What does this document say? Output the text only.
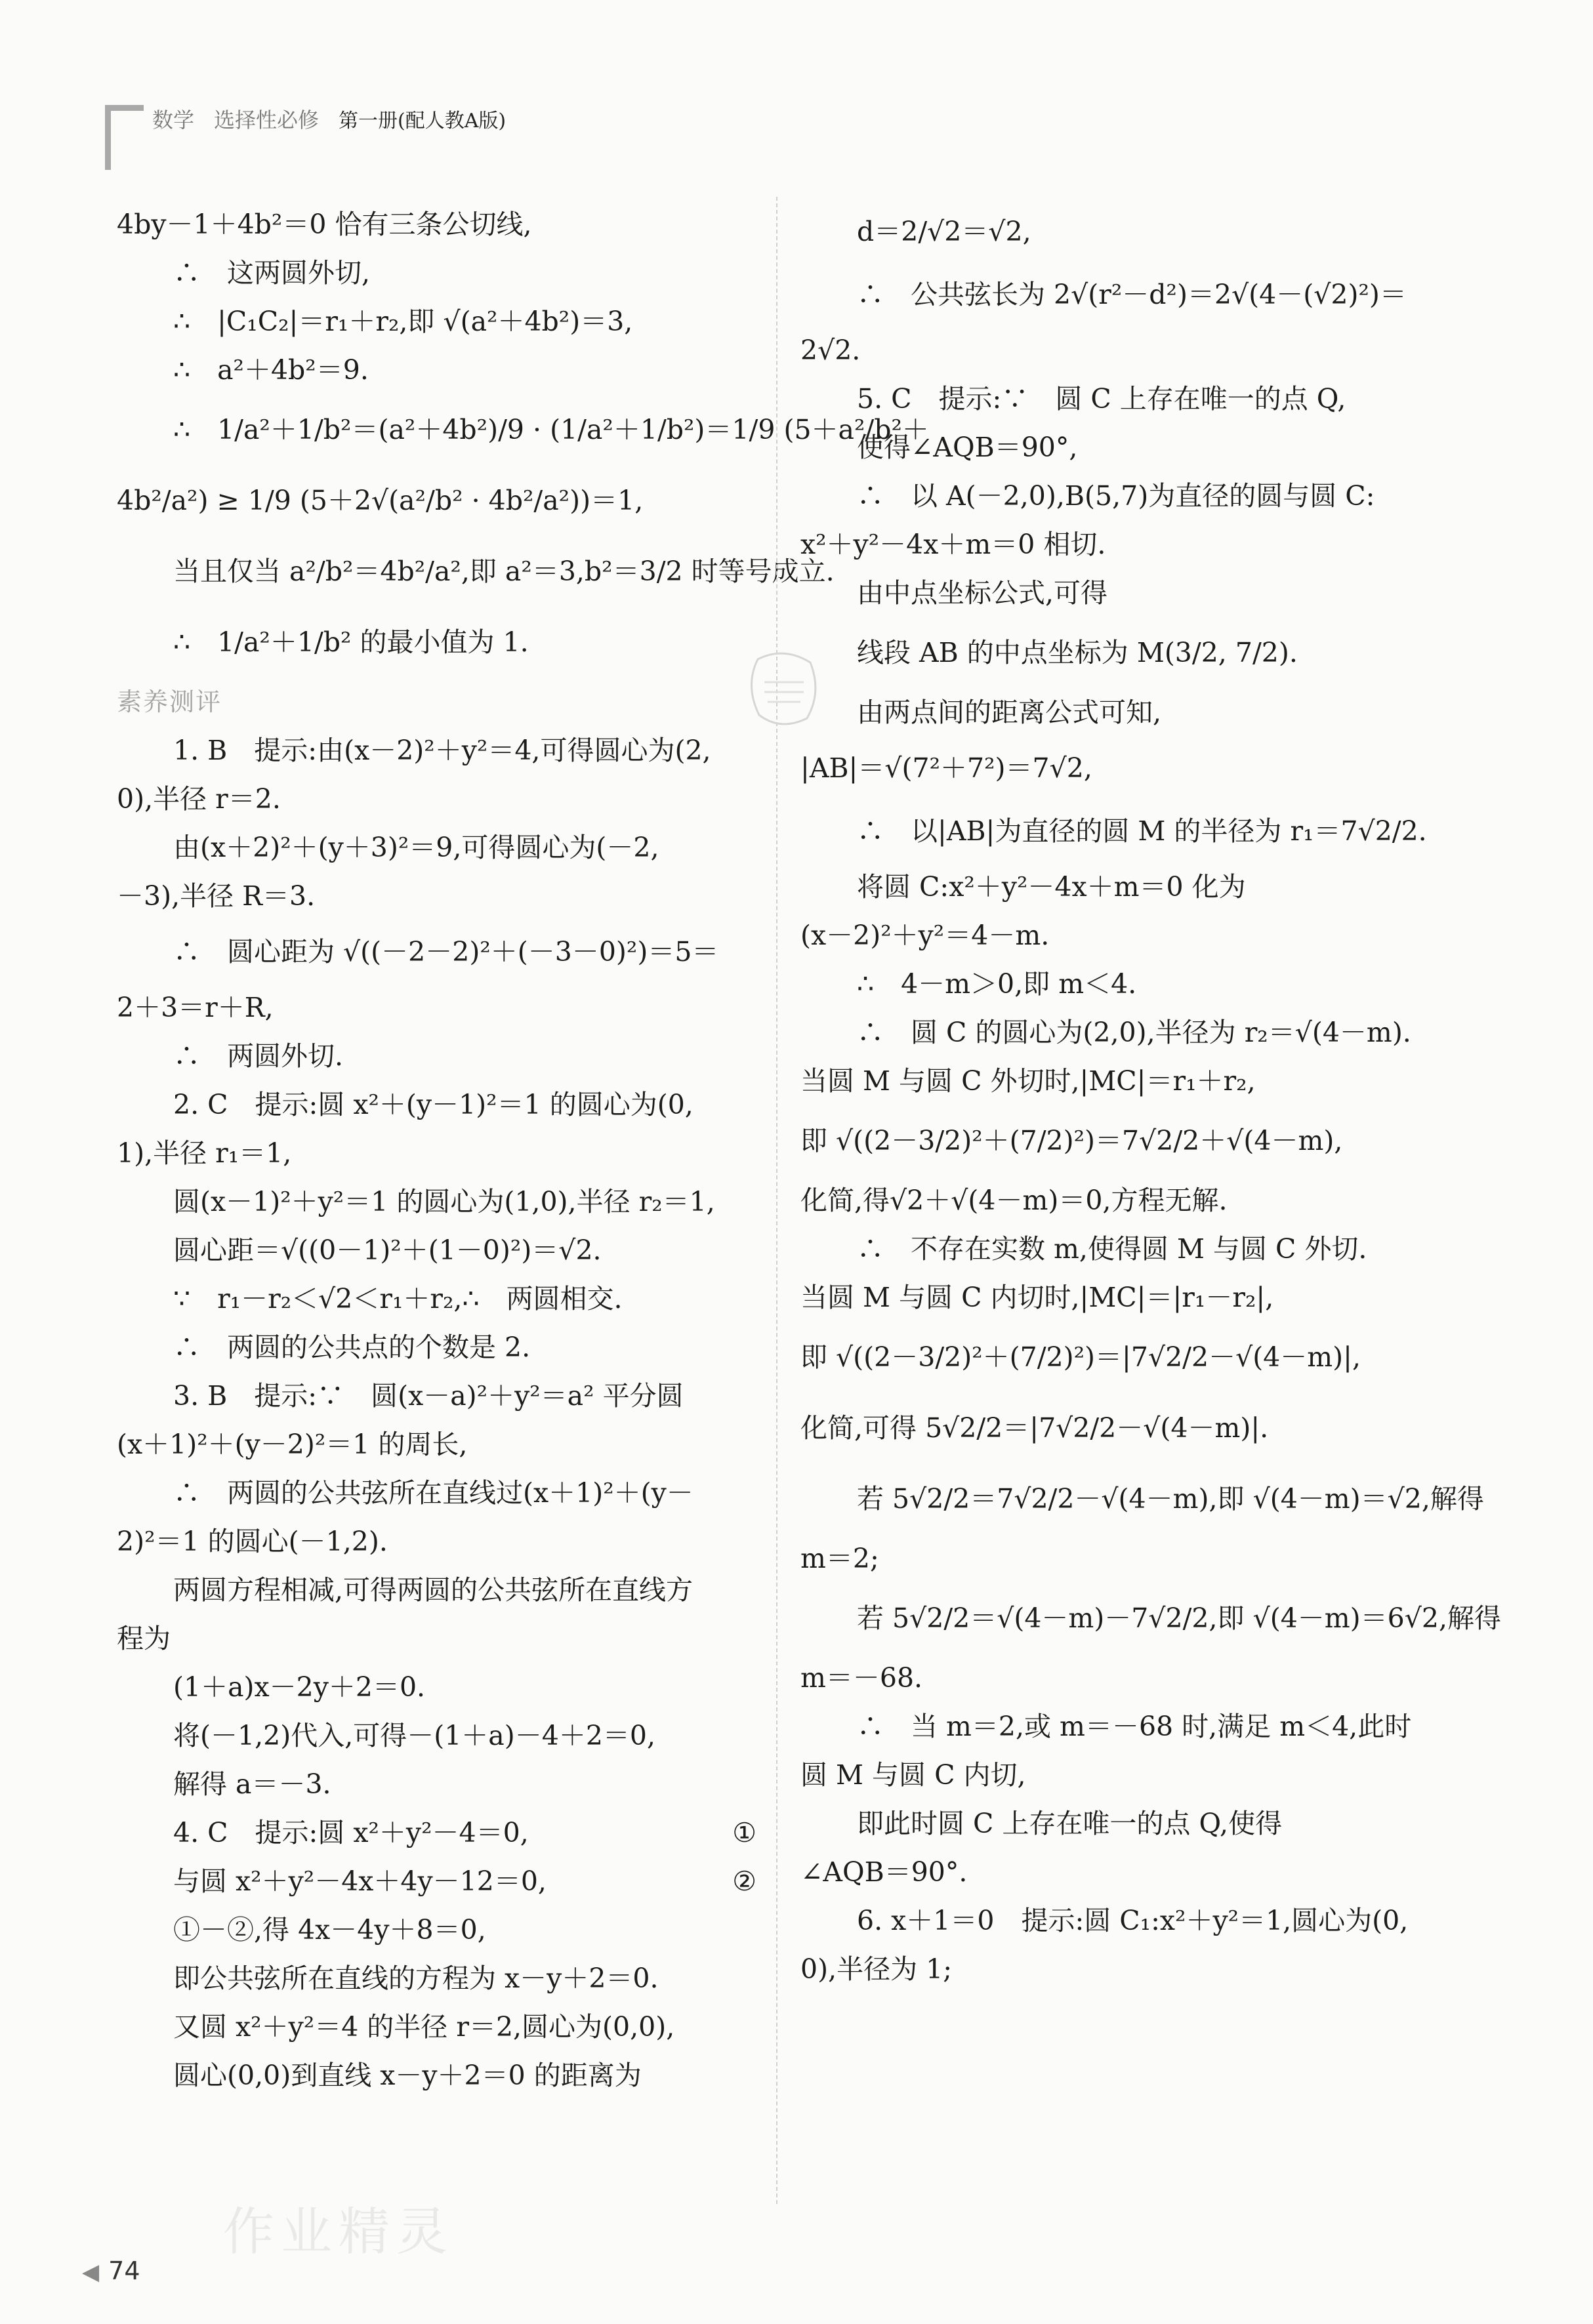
数学 选择性必修 第一册(配人教A版)

4by－1＋4b²＝0 恰有三条公切线,

∴　这两圆外切,

∴　|C₁C₂|＝r₁＋r₂,即 √(a²＋4b²)＝3,

∴　a²＋4b²＝9.

∴　1/a²＋1/b²＝(a²＋4b²)/9 · (1/a²＋1/b²)＝1/9 (5＋a²/b²＋

4b²/a²) ≥ 1/9 (5＋2√(a²/b² · 4b²/a²))＝1,

当且仅当 a²/b²＝4b²/a²,即 a²＝3,b²＝3/2 时等号成立.

∴　1/a²＋1/b² 的最小值为 1.

素养测评

1. B　提示:由(x－2)²＋y²＝4,可得圆心为(2,

0),半径 r＝2.

由(x＋2)²＋(y＋3)²＝9,可得圆心为(－2,

－3),半径 R＝3.

∴　圆心距为 √((－2－2)²＋(－3－0)²)＝5＝

2＋3＝r＋R,

∴　两圆外切.

2. C　提示:圆 x²＋(y－1)²＝1 的圆心为(0,

1),半径 r₁＝1,

圆(x－1)²＋y²＝1 的圆心为(1,0),半径 r₂＝1,

圆心距＝√((0－1)²＋(1－0)²)＝√2.

∵　r₁－r₂＜√2＜r₁＋r₂,∴　两圆相交.

∴　两圆的公共点的个数是 2.

3. B　提示:∵　圆(x－a)²＋y²＝a² 平分圆

(x＋1)²＋(y－2)²＝1 的周长,

∴　两圆的公共弦所在直线过(x＋1)²＋(y－

2)²＝1 的圆心(－1,2).

两圆方程相减,可得两圆的公共弦所在直线方

程为

(1＋a)x－2y＋2＝0.

将(－1,2)代入,可得－(1＋a)－4＋2＝0,

解得 a＝－3.

4. C　提示:圆 x²＋y²－4＝0,	①

与圆 x²＋y²－4x＋4y－12＝0,	②

①－②,得 4x－4y＋8＝0,

即公共弦所在直线的方程为 x－y＋2＝0.

又圆 x²＋y²＝4 的半径 r＝2,圆心为(0,0),

圆心(0,0)到直线 x－y＋2＝0 的距离为

d＝2/√2＝√2,

∴　公共弦长为 2√(r²－d²)＝2√(4－(√2)²)＝

2√2.

5. C　提示:∵　圆 C 上存在唯一的点 Q,

使得∠AQB＝90°,

∴　以 A(－2,0),B(5,7)为直径的圆与圆 C:

x²＋y²－4x＋m＝0 相切.

由中点坐标公式,可得

线段 AB 的中点坐标为 M(3/2, 7/2).

由两点间的距离公式可知,

|AB|＝√(7²＋7²)＝7√2,

∴　以|AB|为直径的圆 M 的半径为 r₁＝7√2/2.

将圆 C:x²＋y²－4x＋m＝0 化为

(x－2)²＋y²＝4－m.

∴　4－m＞0,即 m＜4.

∴　圆 C 的圆心为(2,0),半径为 r₂＝√(4－m).

当圆 M 与圆 C 外切时,|MC|＝r₁＋r₂,

即 √((2－3/2)²＋(7/2)²)＝7√2/2＋√(4－m),

化简,得√2＋√(4－m)＝0,方程无解.

∴　不存在实数 m,使得圆 M 与圆 C 外切.

当圆 M 与圆 C 内切时,|MC|＝|r₁－r₂|,

即 √((2－3/2)²＋(7/2)²)＝|7√2/2－√(4－m)|,

化简,可得 5√2/2＝|7√2/2－√(4－m)|.

若 5√2/2＝7√2/2－√(4－m),即 √(4－m)＝√2,解得

m＝2;

若 5√2/2＝√(4－m)－7√2/2,即 √(4－m)＝6√2,解得

m＝－68.

∴　当 m＝2,或 m＝－68 时,满足 m＜4,此时

圆 M 与圆 C 内切,

即此时圆 C 上存在唯一的点 Q,使得

∠AQB＝90°.

6. x＋1＝0　提示:圆 C₁:x²＋y²＝1,圆心为(0,

0),半径为 1;

作业精灵
◀ 74
